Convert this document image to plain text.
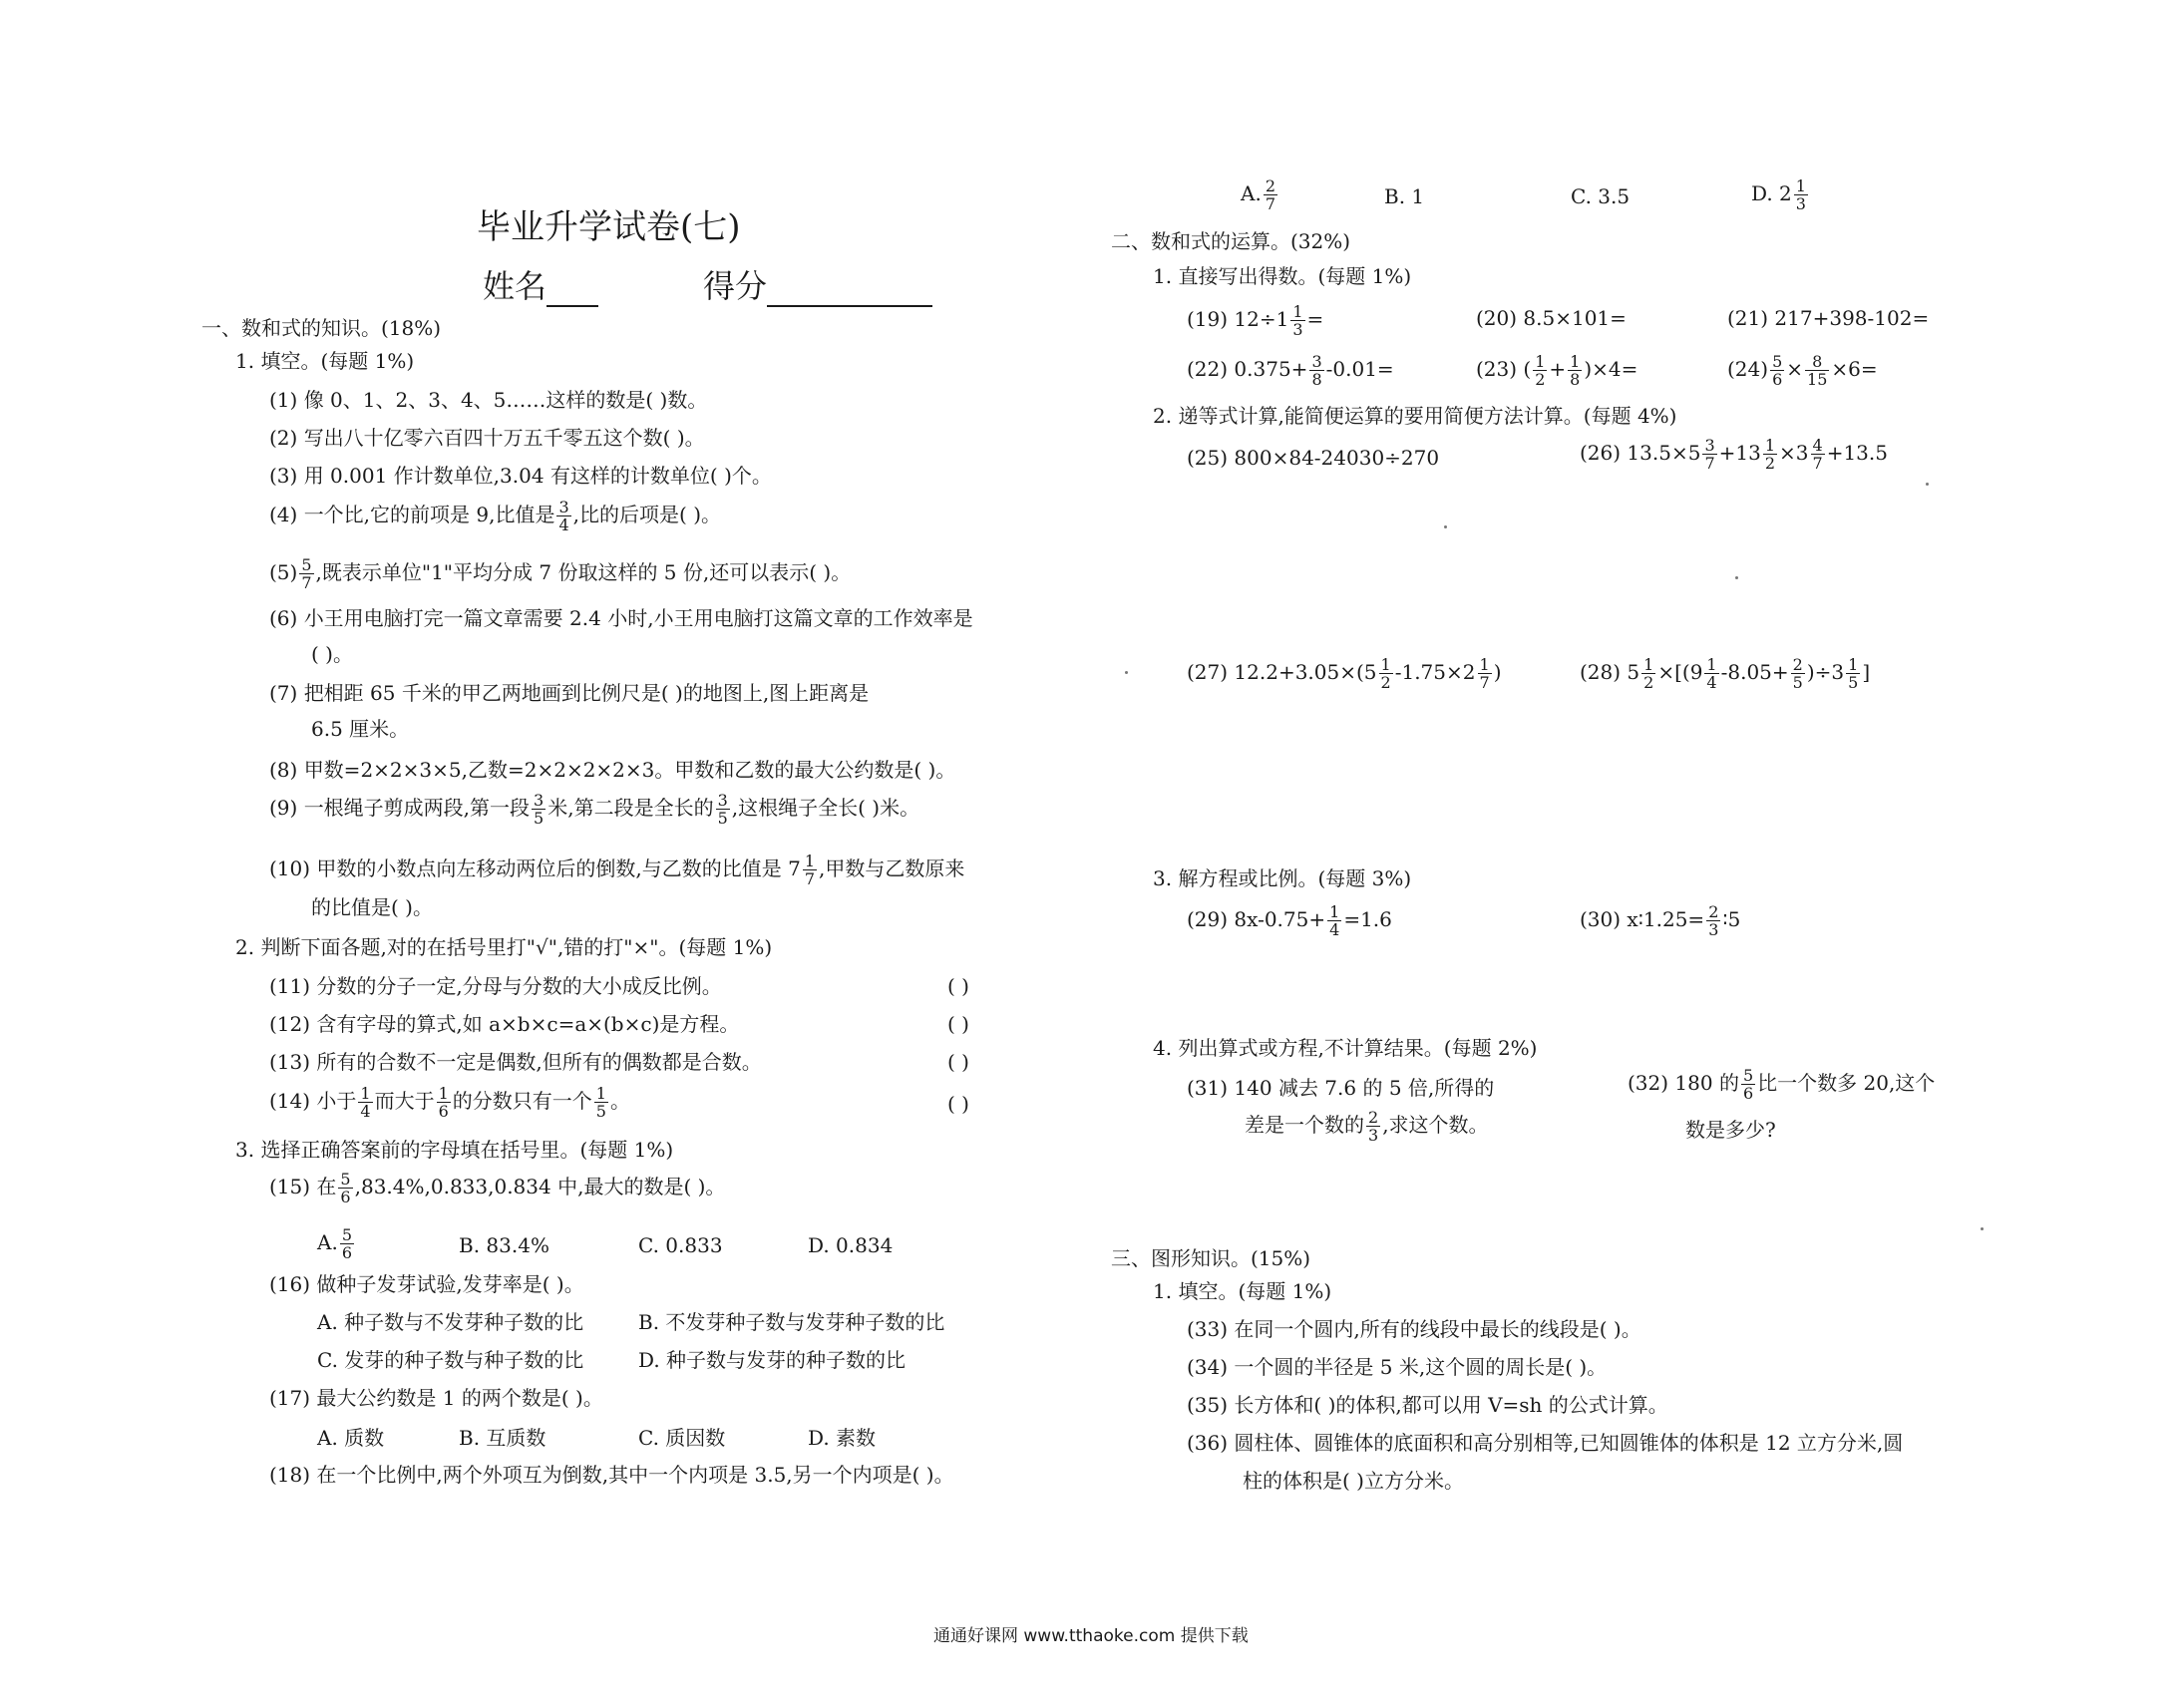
毕业升学试卷(七)
姓名	得分
一、数和式的知识。(18%)
1. 填空。(每题 1%)
(1) 像 0、1、2、3、4、5……这样的数是( )数。
(2) 写出八十亿零六百四十万五千零五这个数( )。
(3) 用 0.001 作计数单位,3.04 有这样的计数单位( )个。
(4) 一个比,它的前项是 9,比值是 $\frac{3}{4}$ ,比的后项是( )。
$(5) \frac{5}{7}$ ,既表示单位"1"平均分成 7 份取这样的 5 份,还可以表示( )。
(6) 小王用电脑打完一篇文章需要 2.4 小时,小王用电脑打这篇文章的工作效率是
( )。
(7) 把相距 65 千米的甲乙两地画到比例尺是( )的地图上,图上距离是
6.5 厘米。
(8) 甲数=2×2×3×5,乙数=2×2×2×2×3。甲数和乙数的最大公约数是( )。
(9) 一根绳子剪成两段,第一段 $\frac{3}{5}$ 米,第二段是全长的 $\frac{3}{5}$ ,这根绳子全长( )米。
(10) 甲数的小数点向左移动两位后的倒数,与乙数的比值是 $7 \frac{1}{7}$ ,甲数与乙数原来
的比值是( )。
2. 判断下面各题,对的在括号里打"√",错的打"×"。(每题 1%)
(11) 分数的分子一定,分母与分数的大小成反比例。	( )
(12) 含有字母的算式,如 a×b×c=a×(b×c)是方程。	( )
(13) 所有的合数不一定是偶数,但所有的偶数都是合数。	( )
(14) 小于 $\frac{1}{4}$ 而大于 $\frac{1}{6}$ 的分数只有一个 $\frac{1}{5}$ 。	( )
3. 选择正确答案前的字母填在括号里。(每题 1%)
(15) 在 $\frac{5}{6} ,83.4\%,0.833,0.834$ 中,最大的数是( )。
A. $\frac{5}{6}$	B. 83.4%	C. 0.833	D. 0.834
(16) 做种子发芽试验,发芽率是( )。
A. 种子数与不发芽种子数的比	B. 不发芽种子数与发芽种子数的比
C. 发芽的种子数与种子数的比	D. 种子数与发芽的种子数的比
(17) 最大公约数是 1 的两个数是( )。
A. 质数	B. 互质数	C. 质因数	D. 素数
(18) 在一个比例中,两个外项互为倒数,其中一个内项是 3.5,另一个内项是( )。
A. $\frac{2}{7}$	B. 1	C. 3.5	D. $2 \frac{1}{3}$
二、数和式的运算。(32%)
1. 直接写出得数。(每题 1%)
(19) $12\div 1 \frac{1}{3}$ =	(20) 8.5×101=	(21) 217+398-102=
(22) $0.375+ \frac{3}{8} -0.01=$	(23) ( $\frac{1}{2} + \frac{1}{8} )\times 4=$	$(24) \frac{5}{6} \times \frac{8}{15} \times 6=$
2. 递等式计算,能简便运算的要用简便方法计算。(每题 4%)
(25) 800×84-24030÷270	(26) $13.5\times 5 \frac{3}{7} +13 \frac{1}{2} \times 3 \frac{4}{7} +13.5$
(27) $12.2+3.05\times(5 \frac{1}{2} -1.75\times 2 \frac{1}{7}$ )	(28) $5 \frac{1}{2} \times[(9 \frac{1}{4} -8.05+ \frac{2}{5} )\div 3 \frac{1}{5}$ ]
3. 解方程或比例。(每题 3%)
(29) $8x-0.75+ \frac{1}{4} =1.6$	(30) x∶1.25= $\frac{2}{3}$ ∶5
4. 列出算式或方程,不计算结果。(每题 2%)
(31) 140 减去 7.6 的 5 倍,所得的
差是一个数的 $\frac{2}{3}$ ,求这个数。
(32) 180 的 $\frac{5}{6}$ 比一个数多 20,这个
数是多少?
三、图形知识。(15%)
1. 填空。(每题 1%)
(33) 在同一个圆内,所有的线段中最长的线段是( )。
(34) 一个圆的半径是 5 米,这个圆的周长是( )。
(35) 长方体和( )的体积,都可以用 V=sh 的公式计算。
(36) 圆柱体、圆锥体的底面积和高分别相等,已知圆锥体的体积是 12 立方分米,圆
柱的体积是( )立方分米。
通通好课网 www.tthaoke.com 提供下载
